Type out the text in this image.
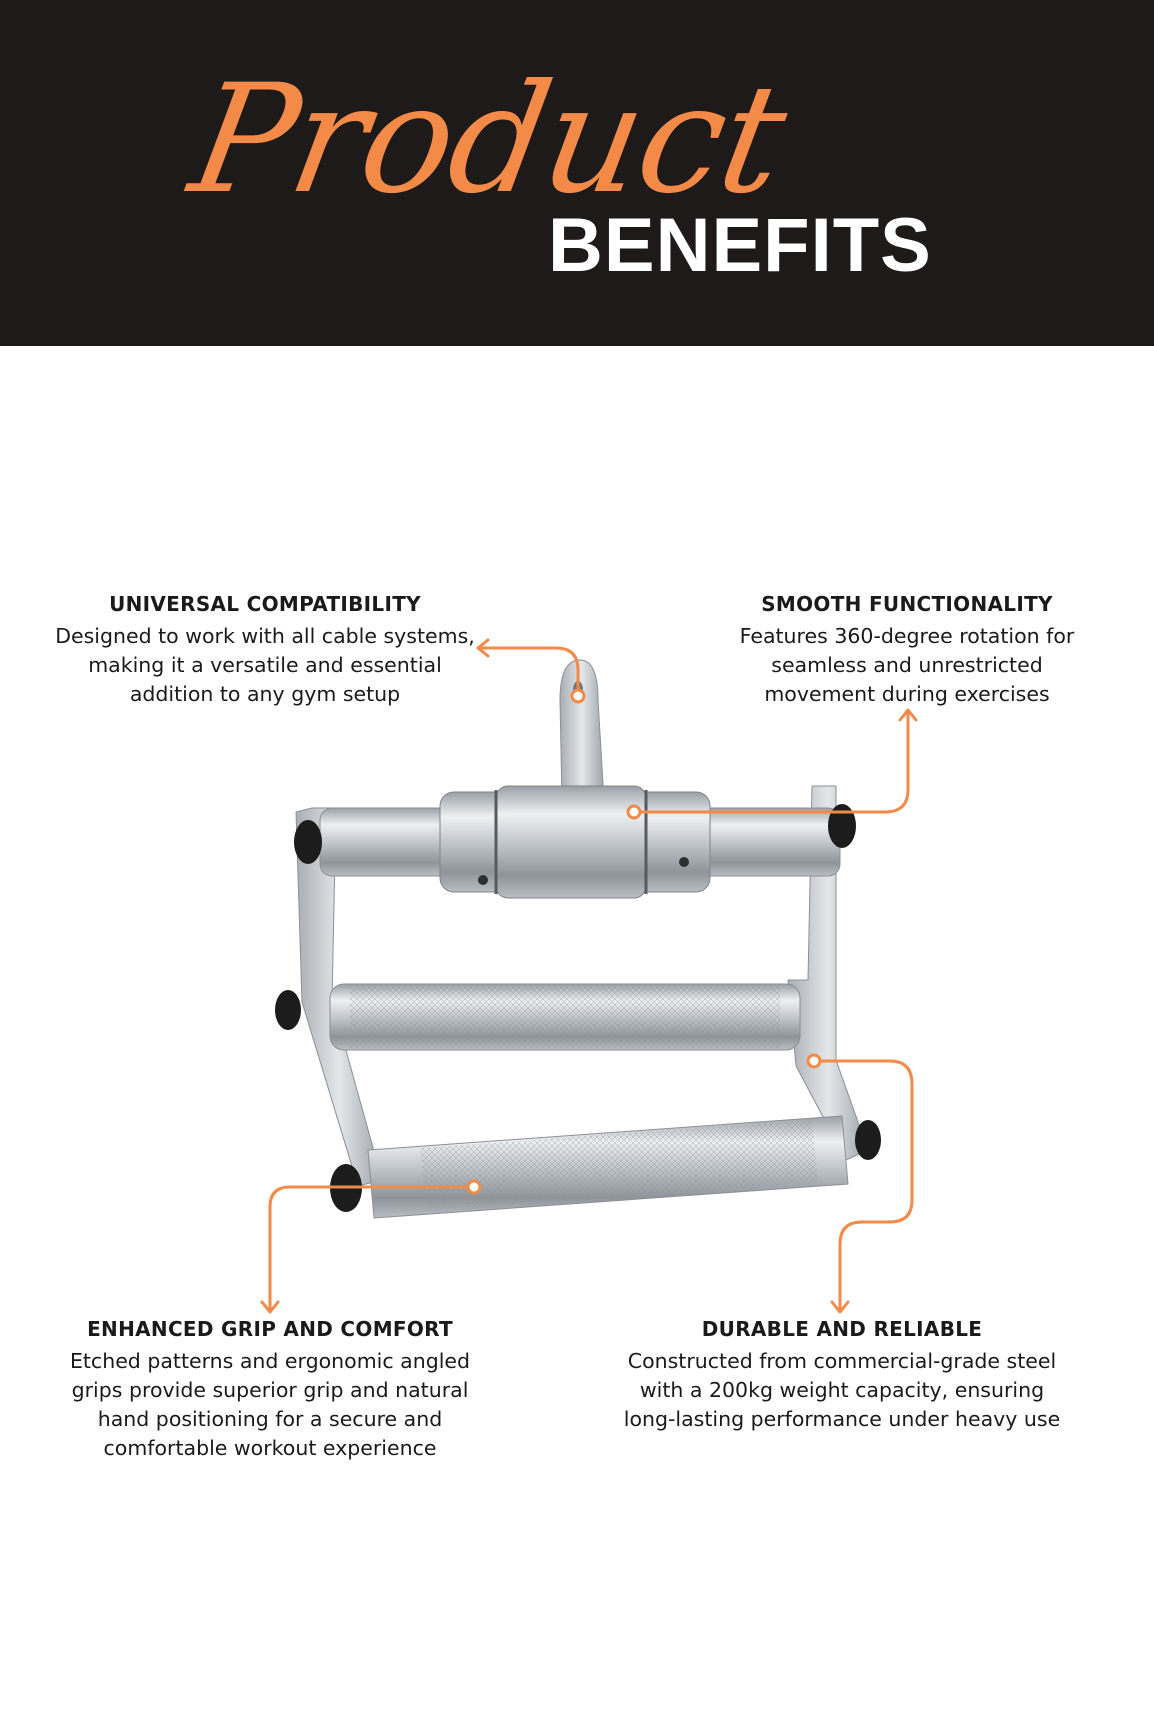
Product
BENEFITS
UNIVERSAL COMPATIBILITY

Designed to work with all cable systems,
making it a versatile and essential
addition to any gym setup

SMOOTH FUNCTIONALITY

Features 360-degree rotation for
seamless and unrestricted
movement during exercises

ENHANCED GRIP AND COMFORT

Etched patterns and ergonomic angled
grips provide superior grip and natural
hand positioning for a secure and
comfortable workout experience

DURABLE AND RELIABLE

Constructed from commercial-grade steel
with a 200kg weight capacity, ensuring
long-lasting performance under heavy use
